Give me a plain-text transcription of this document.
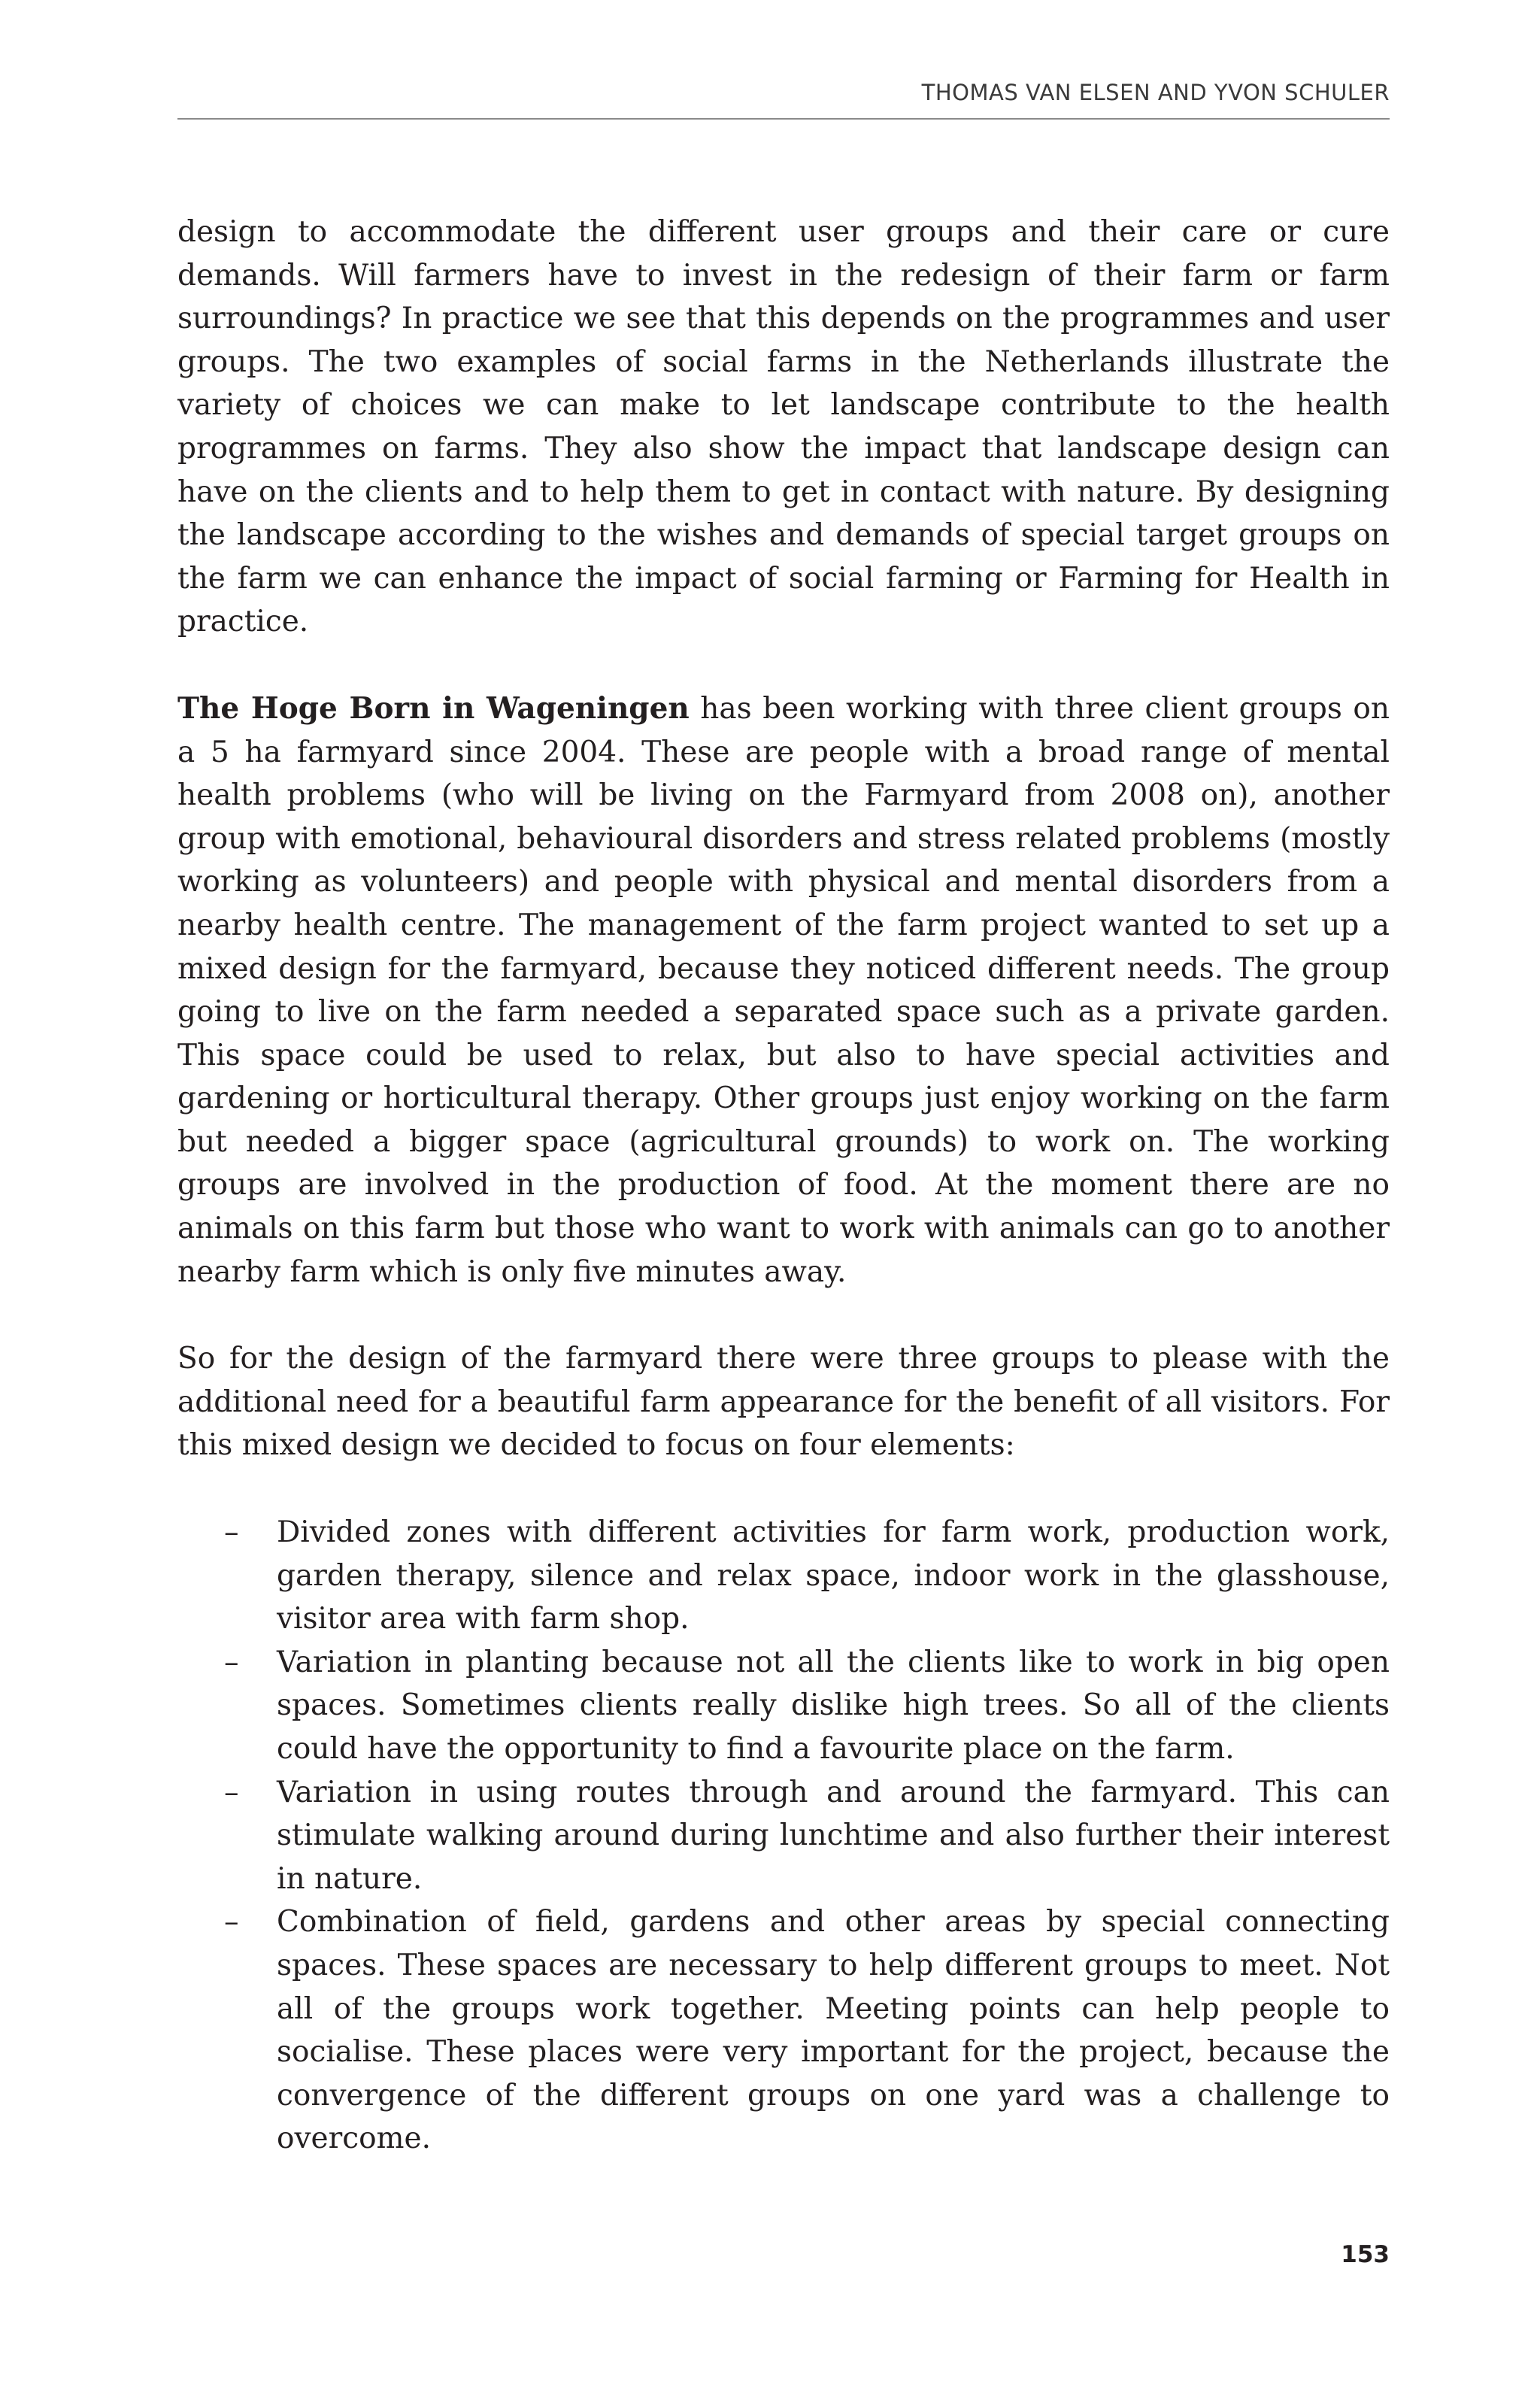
THOMAS VAN ELSEN AND YVON SCHULER

design to accommodate the different user groups and their care or cure demands. Will farmers have to invest in the redesign of their farm or farm surroundings? In practice we see that this depends on the programmes and user groups. The two examples of social farms in the Netherlands illustrate the variety of choices we can make to let landscape contribute to the health programmes on farms. They also show the impact that landscape design can have on the clients and to help them to get in contact with nature. By designing the landscape according to the wishes and demands of special target groups on the farm we can enhance the impact of social farming or Farming for Health in practice.

The Hoge Born in Wageningen has been working with three client groups on a 5 ha farmyard since 2004. These are people with a broad range of mental health problems (who will be living on the Farmyard from 2008 on), another group with emotional, behavioural disorders and stress related problems (mostly working as volunteers) and people with physical and mental disorders from a nearby health centre. The management of the farm project wanted to set up a mixed design for the farmyard, because they noticed different needs. The group going to live on the farm needed a separated space such as a private garden. This space could be used to relax, but also to have special activities and gardening or horticultural therapy. Other groups just enjoy working on the farm but needed a bigger space (agricultural grounds) to work on. The working groups are involved in the production of food. At the moment there are no animals on this farm but those who want to work with animals can go to another nearby farm which is only five minutes away.

So for the design of the farmyard there were three groups to please with the additional need for a beautiful farm appearance for the benefit of all visitors. For this mixed design we decided to focus on four elements:

– Divided zones with different activities for farm work, production work, garden therapy, silence and relax space, indoor work in the glasshouse, visitor area with farm shop.
– Variation in planting because not all the clients like to work in big open spaces. Sometimes clients really dislike high trees. So all of the clients could have the opportunity to find a favourite place on the farm.
– Variation in using routes through and around the farmyard. This can stimulate walking around during lunchtime and also further their interest in nature.
– Combination of field, gardens and other areas by special connecting spaces. These spaces are necessary to help different groups to meet. Not all of the groups work together. Meeting points can help people to socialise. These places were very important for the project, because the convergence of the different groups on one yard was a challenge to overcome.
153
